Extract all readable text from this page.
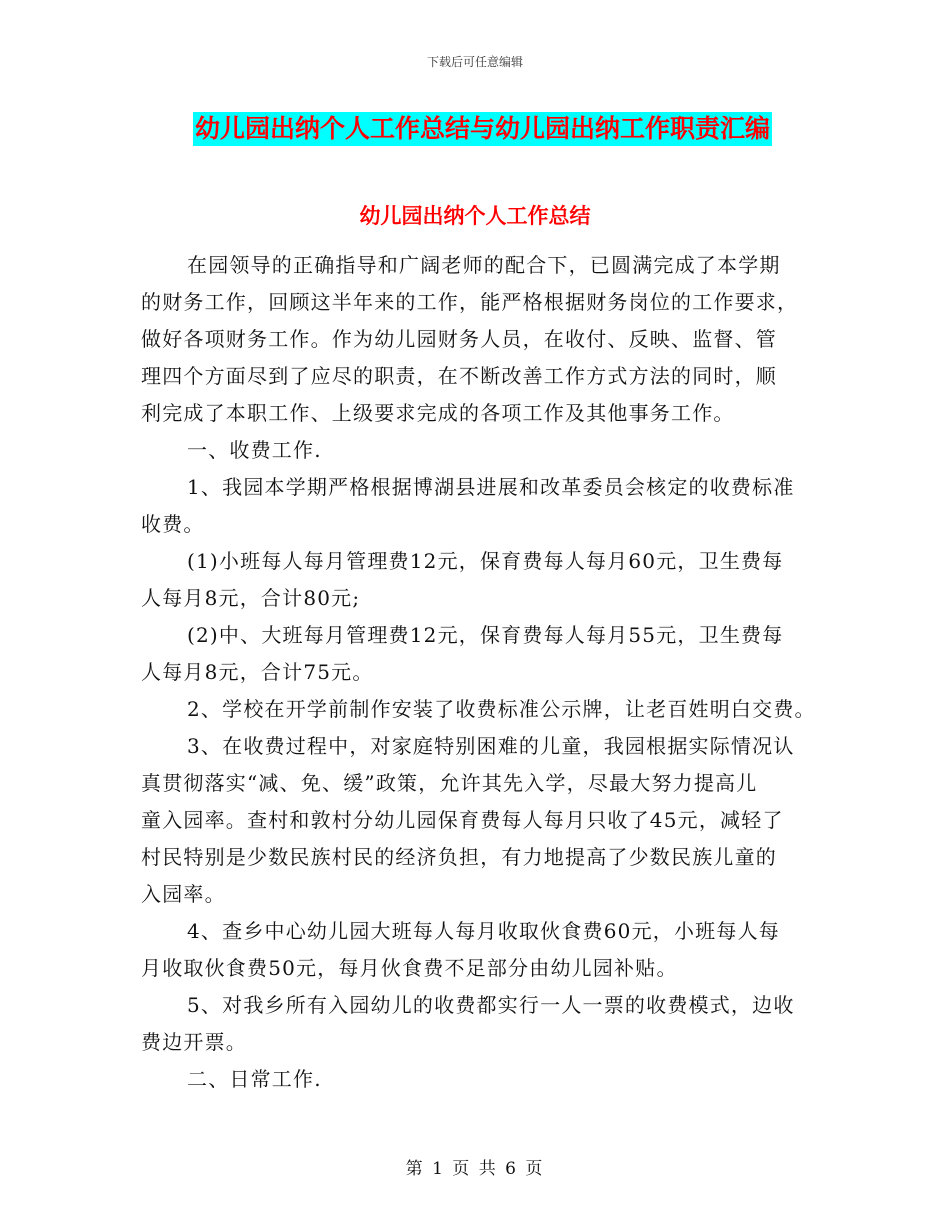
下载后可任意编辑
幼儿园出纳个人工作总结与幼儿园出纳工作职责汇编
幼儿园出纳个人工作总结
在园领导的正确指导和广阔老师的配合下，已圆满完成了本学期
的财务工作，回顾这半年来的工作，能严格根据财务岗位的工作要求，
做好各项财务工作。作为幼儿园财务人员，在收付、反映、监督、管
理四个方面尽到了应尽的职责，在不断改善工作方式方法的同时，顺
利完成了本职工作、上级要求完成的各项工作及其他事务工作。
一、收费工作.
1、我园本学期严格根据博湖县进展和改革委员会核定的收费标准
收费。
(1)小班每人每月管理费12元，保育费每人每月60元，卫生费每
人每月8元，合计80元;
(2)中、大班每月管理费12元，保育费每人每月55元，卫生费每
人每月8元，合计75元。
2、学校在开学前制作安装了收费标准公示牌，让老百姓明白交费。
3、在收费过程中，对家庭特别困难的儿童，我园根据实际情况认
真贯彻落实“减、免、缓”政策，允许其先入学，尽最大努力提高儿
童入园率。查村和敦村分幼儿园保育费每人每月只收了45元，减轻了
村民特别是少数民族村民的经济负担，有力地提高了少数民族儿童的
入园率。
4、查乡中心幼儿园大班每人每月收取伙食费60元，小班每人每
月收取伙食费50元，每月伙食费不足部分由幼儿园补贴。
5、对我乡所有入园幼儿的收费都实行一人一票的收费模式，边收
费边开票。
二、日常工作.
第 1 页 共 6 页
